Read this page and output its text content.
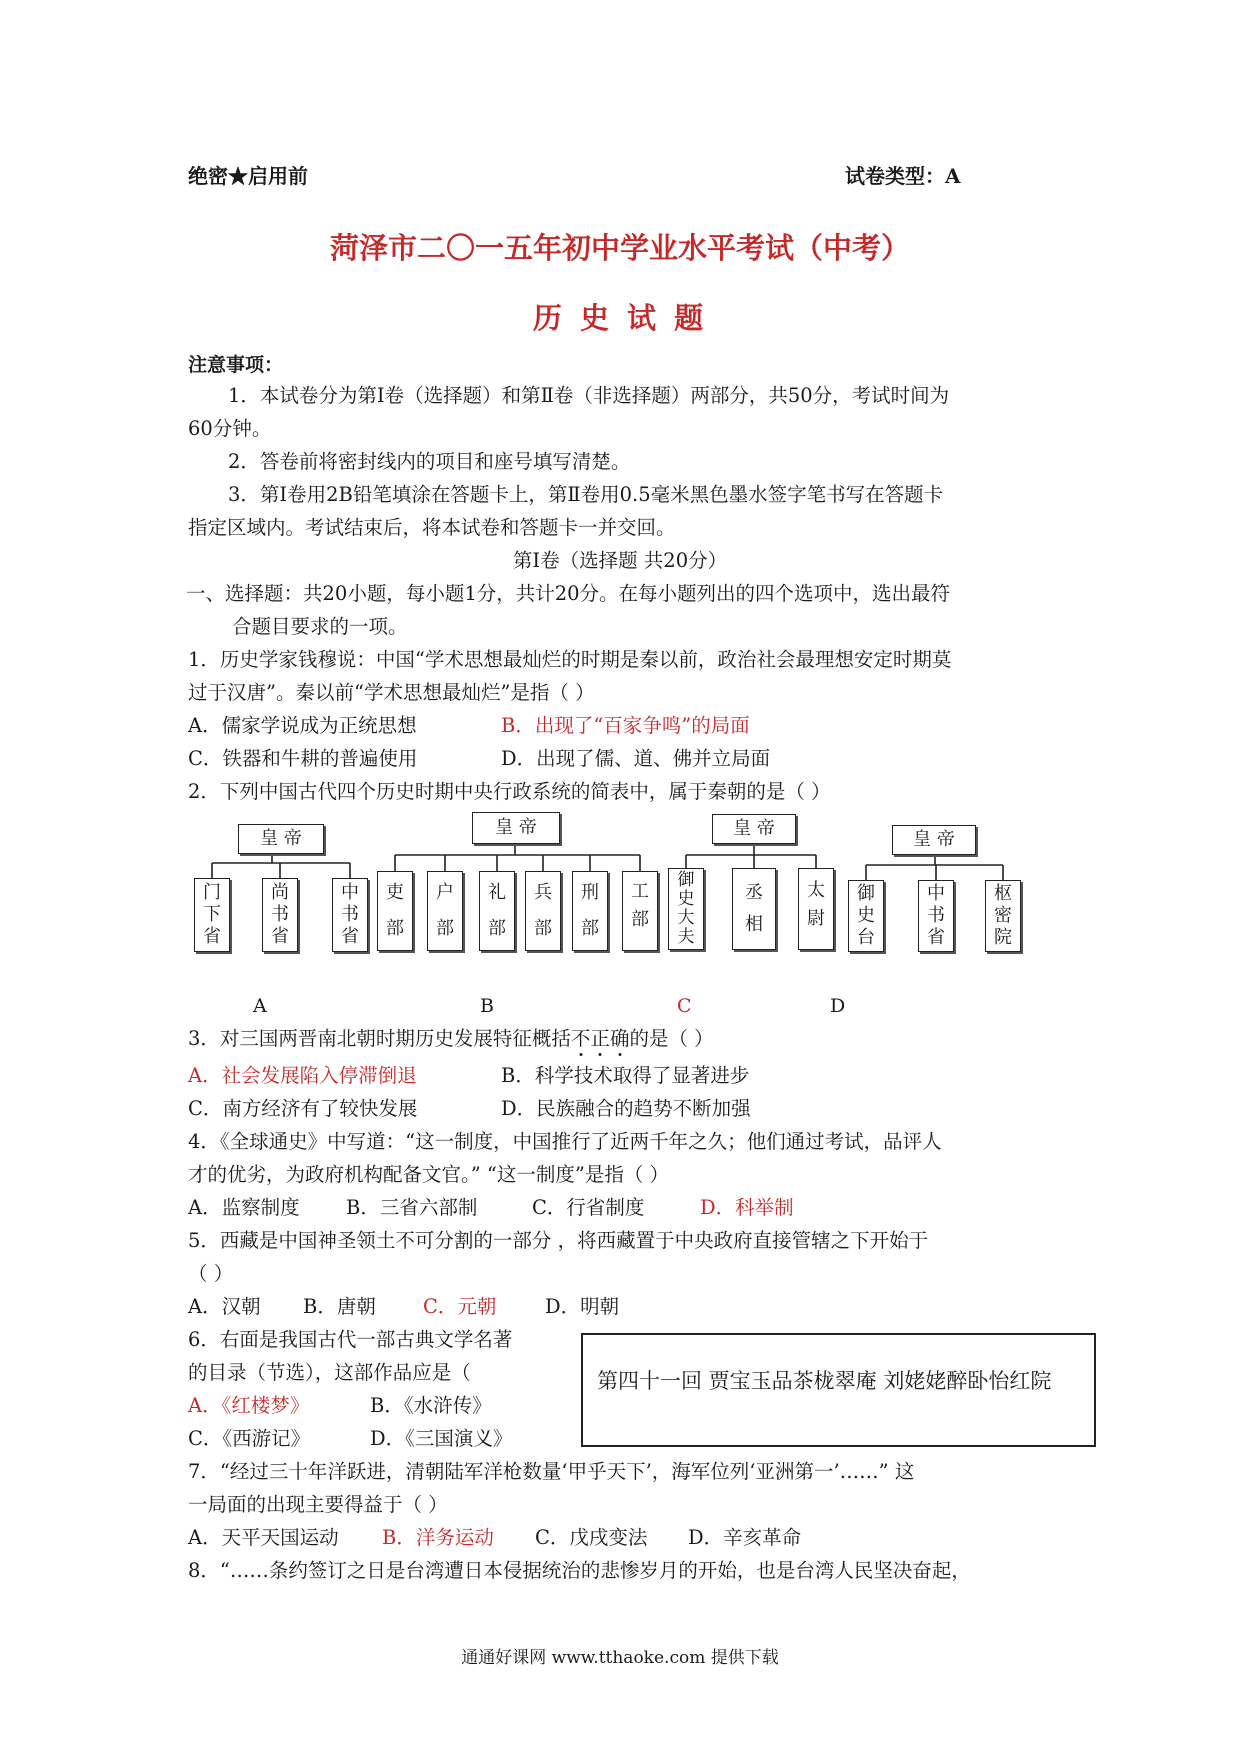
绝密★启用前	试卷类型：A
菏泽市二〇一五年初中学业水平考试（中考）
历 史 试 题
注意事项：
1．本试卷分为第Ⅰ卷（选择题）和第Ⅱ卷（非选择题）两部分，共50分，考试时间为
60分钟。
2．答卷前将密封线内的项目和座号填写清楚。
3．第Ⅰ卷用2B铅笔填涂在答题卡上，第Ⅱ卷用0.5毫米黑色墨水签字笔书写在答题卡
指定区域内。考试结束后，将本试卷和答题卡一并交回。
第Ⅰ卷（选择题 共20分）
一、选择题：共20小题，每小题1分，共计20分。在每小题列出的四个选项中，选出最符
合题目要求的一项。
1．历史学家钱穆说：中国“学术思想最灿烂的时期是秦以前，政治社会最理想安定时期莫
过于汉唐”。秦以前“学术思想最灿烂”是指（ ）
A．儒家学说成为正统思想	B．出现了“百家争鸣”的局面
C．铁器和牛耕的普遍使用	D．出现了儒、道、佛并立局面
2．下列中国古代四个历史时期中央行政系统的简表中，属于秦朝的是（ ）
皇 帝
门
下
省
尚
书
省
中
书
省
皇 帝
吏
部
户
部
礼
部
兵
部
刑
部
工
部
皇 帝
御
史
大
夫
丞
相
太
尉
皇 帝
御
史
台
中
书
省
枢
密
院
A	B	C	D
3．对三国两晋南北朝时期历史发展特征概括不正确的是（ ）
A．社会发展陷入停滞倒退	B．科学技术取得了显著进步
C．南方经济有了较快发展	D．民族融合的趋势不断加强
4．《全球通史》中写道：“这一制度，中国推行了近两千年之久；他们通过考试，品评人
才的优劣，为政府机构配备文官。” “这一制度”是指（ ）
A．监察制度 B．三省六部制	C．行省制度	D．科举制
5．西藏是中国神圣领土不可分割的一部分 ，将西藏置于中央政府直接管辖之下开始于
（ ）
A．汉朝 B．唐朝 C．元朝 D．明朝
6．右面是我国古代一部古典文学名著
的目录（节选），这部作品应是（
A．《红楼梦》	B．《水浒传》
C．《西游记》	D．《三国演义》
第四十一回 贾宝玉品茶栊翠庵 刘姥姥醉卧怡红院
7．“经过三十年洋跃进，清朝陆军洋枪数量‘甲乎天下’，海军位列‘亚洲第一’……” 这
一局面的出现主要得益于（ ）
A．天平天国运动 B．洋务运动 C．戊戌变法 D．辛亥革命
8．“……条约签订之日是台湾遭日本侵据统治的悲惨岁月的开始，也是台湾人民坚决奋起，
通通好课网 www.tthaoke.com 提供下载
